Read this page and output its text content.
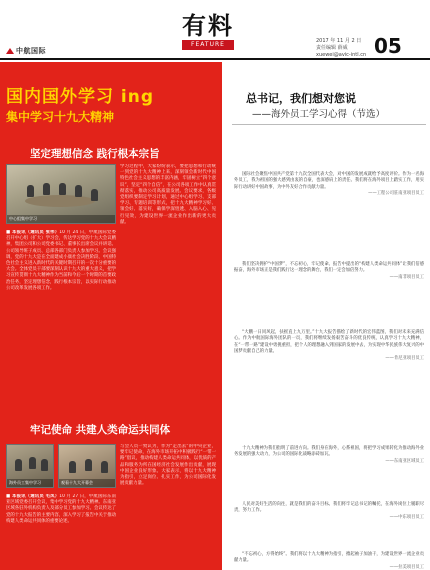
中航国际
有料
FEATURE	2017 年 11 月 2 日
责任编辑 薛威
xuewei@avic-intl.cn 05
国内国外学习 ing
集中学习十九大精神
坚定理想信念 践行根本宗旨
中心组集中学习
■ 本报讯（通讯员 张伟）10 月 24 日，中航国际党委召开中心组（扩大）学习会，传达学习党的十九大会议精神，集团公司和公司党委书记、董事长出席会议并讲话。公司领导班子成员、总部各部门负责人参加学习。会议强调，党的十九大是在全面建成小康社会决胜阶段、中国特色社会主义进入新时代的关键时期召开的一次十分重要的大会。全体党员干部要深刻认识十九大的重大意义，把学习宣传贯彻十九大精神作为当前和今后一个时期的首要政治任务，坚定理想信念，践行根本宗旨，以实际行动推动公司改革发展各项工作。
学习过程中，大家纷纷表示，要把思想和行动统一到党的十九大精神上来，深刻领会新时代中国特色社会主义思想的丰富内涵，牢固树立“四个意识”，坚定“四个自信”，在公司各项工作中认真贯彻落实，推动公司高质量发展。会议要求，各级党组织要制定学习计划，通过中心组学习、支部学习、专题培训等形式，把十九大精神学习好、领会好、落实好，确保学深悟透、入脑入心、见行见效，为建设世界一流企业作出新的更大贡献。
牢记使命 共建人类命运共同体
海外员工集中学习	观看十九大开幕会
■ 本报讯（通讯员 毛凤）10 月 27 日，中航国际东南亚区域党委召开会议，集中学习党的十九大精神。东南亚区域各驻外机构负责人及部分员工参加学习。会议传达了党的十九大报告的主要内容，深入学习了报告中关于推动构建人类命运共同体的重要论述。
与会人员一致认为，作为“走出去”的中央企业，要牢记使命，在海外市场开拓中积极践行“一带一路”倡议，推动构建人类命运共同体，以优质的产品和服务为所在国经济社会发展作出贡献，展现中国企业良好形象。大家表示，将以十九大精神为指引，立足岗位、扎实工作，为公司国际化发展贡献力量。
总书记，我们想对您说
——海外员工学习心得（节选）

国际社会聚焦中国共产党第十九次全国代表大会，对中国的发展成就给予高度评价。作为一名海外员工，我为祖国的强大感到由衷的自豪，也深感肩上的责任。我们将在海外项目上踏实工作，用实际行动讲好中国故事，为中外友好合作贡献力量。

——工程公司驻南亚项目员工

我们坚决拥护“中国梦”，不忘初心，牢记使命。报告中提出的“构建人类命运共同体”让我们倍感振奋，海外市场正是我们践行这一理念的舞台，我们一定会加倍努力。

——南非项目员工

“大鹏一日同风起，扶摇直上九万里。”十九大报告描绘了新时代的宏伟蓝图，我们对未来充满信心。作为中航国际海外团队的一员，我们将继续发扬艰苦奋斗的优良传统，认真学习十九大精神，在“一带一路”建设中勇挑重担，把个人的理想融入到国家的发展中去，为实现中华民族伟大复兴的中国梦贡献自己的力量。

——肯尼亚项目员工

十九大精神为我们指明了前进方向。我们身在海外，心系祖国，将把学习成果转化为推动海外业务发展的强大动力，为公司的国际化战略添砖加瓦。

——东南亚区域员工

人民对美好生活的向往，就是我们的奋斗目标。我们将牢记总书记的嘱托，在海外岗位上履职尽责，努力工作。

——中东项目员工

“不忘初心，方得始终”。我们将以十九大精神为指引，撸起袖子加油干，为建设世界一流企业贡献力量。

——拉美项目员工
